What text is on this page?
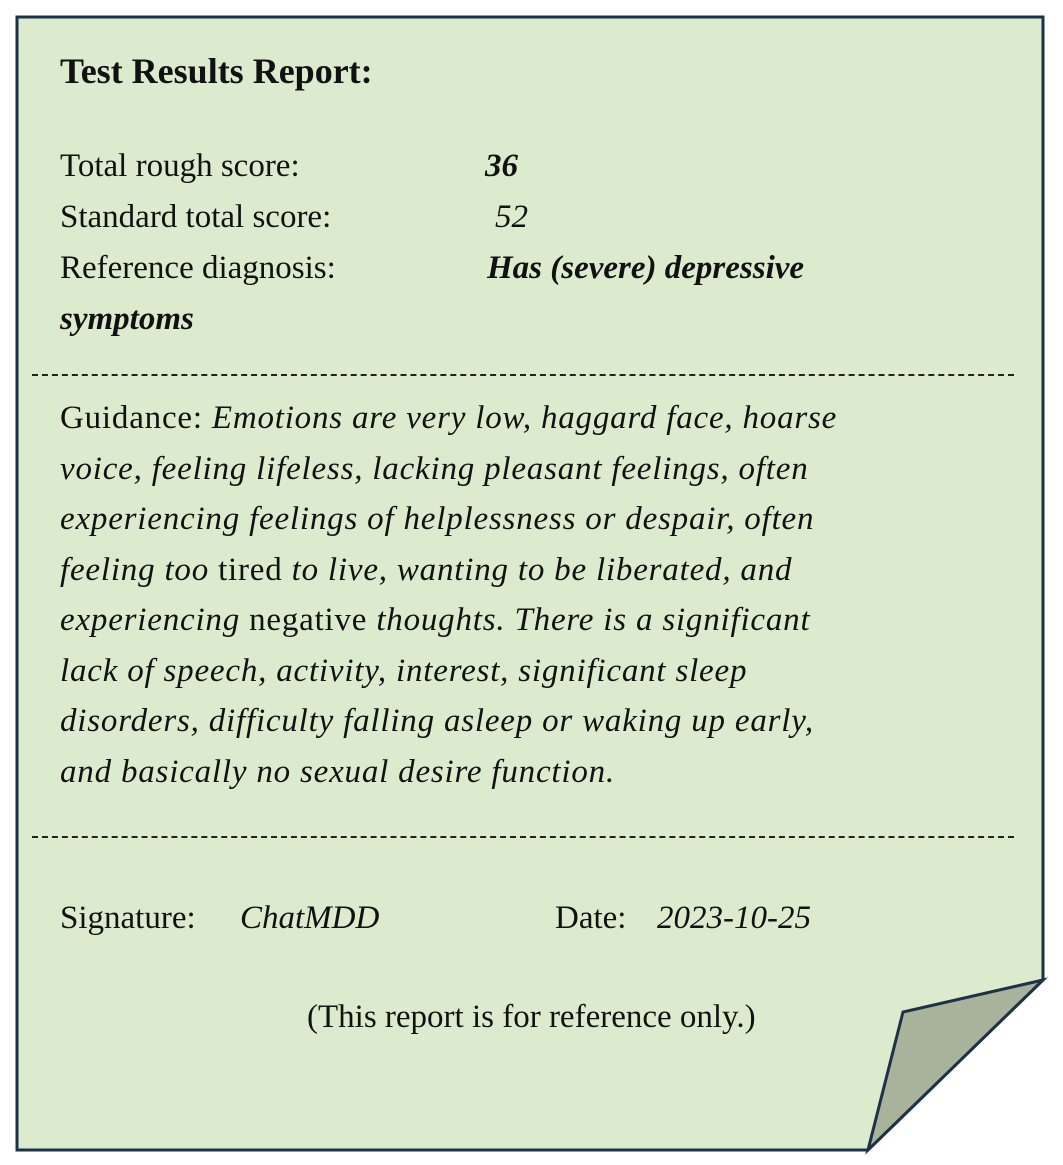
Test Results Report:
Total rough score:	36
Standard total score:	52
Reference diagnosis:	Has (severe) depressive
symptoms
Guidance: Emotions are very low, haggard face, hoarse
voice, feeling lifeless, lacking pleasant feelings, often
experiencing feelings of helplessness or despair, often
feeling too tired to live, wanting to be liberated, and
experiencing negative thoughts. There is a significant
lack of speech, activity, interest, significant sleep
disorders, difficulty falling asleep or waking up early,
and basically no sexual desire function.
Signature: ChatMDD	Date: 2023-10-25
(This report is for reference only.)
